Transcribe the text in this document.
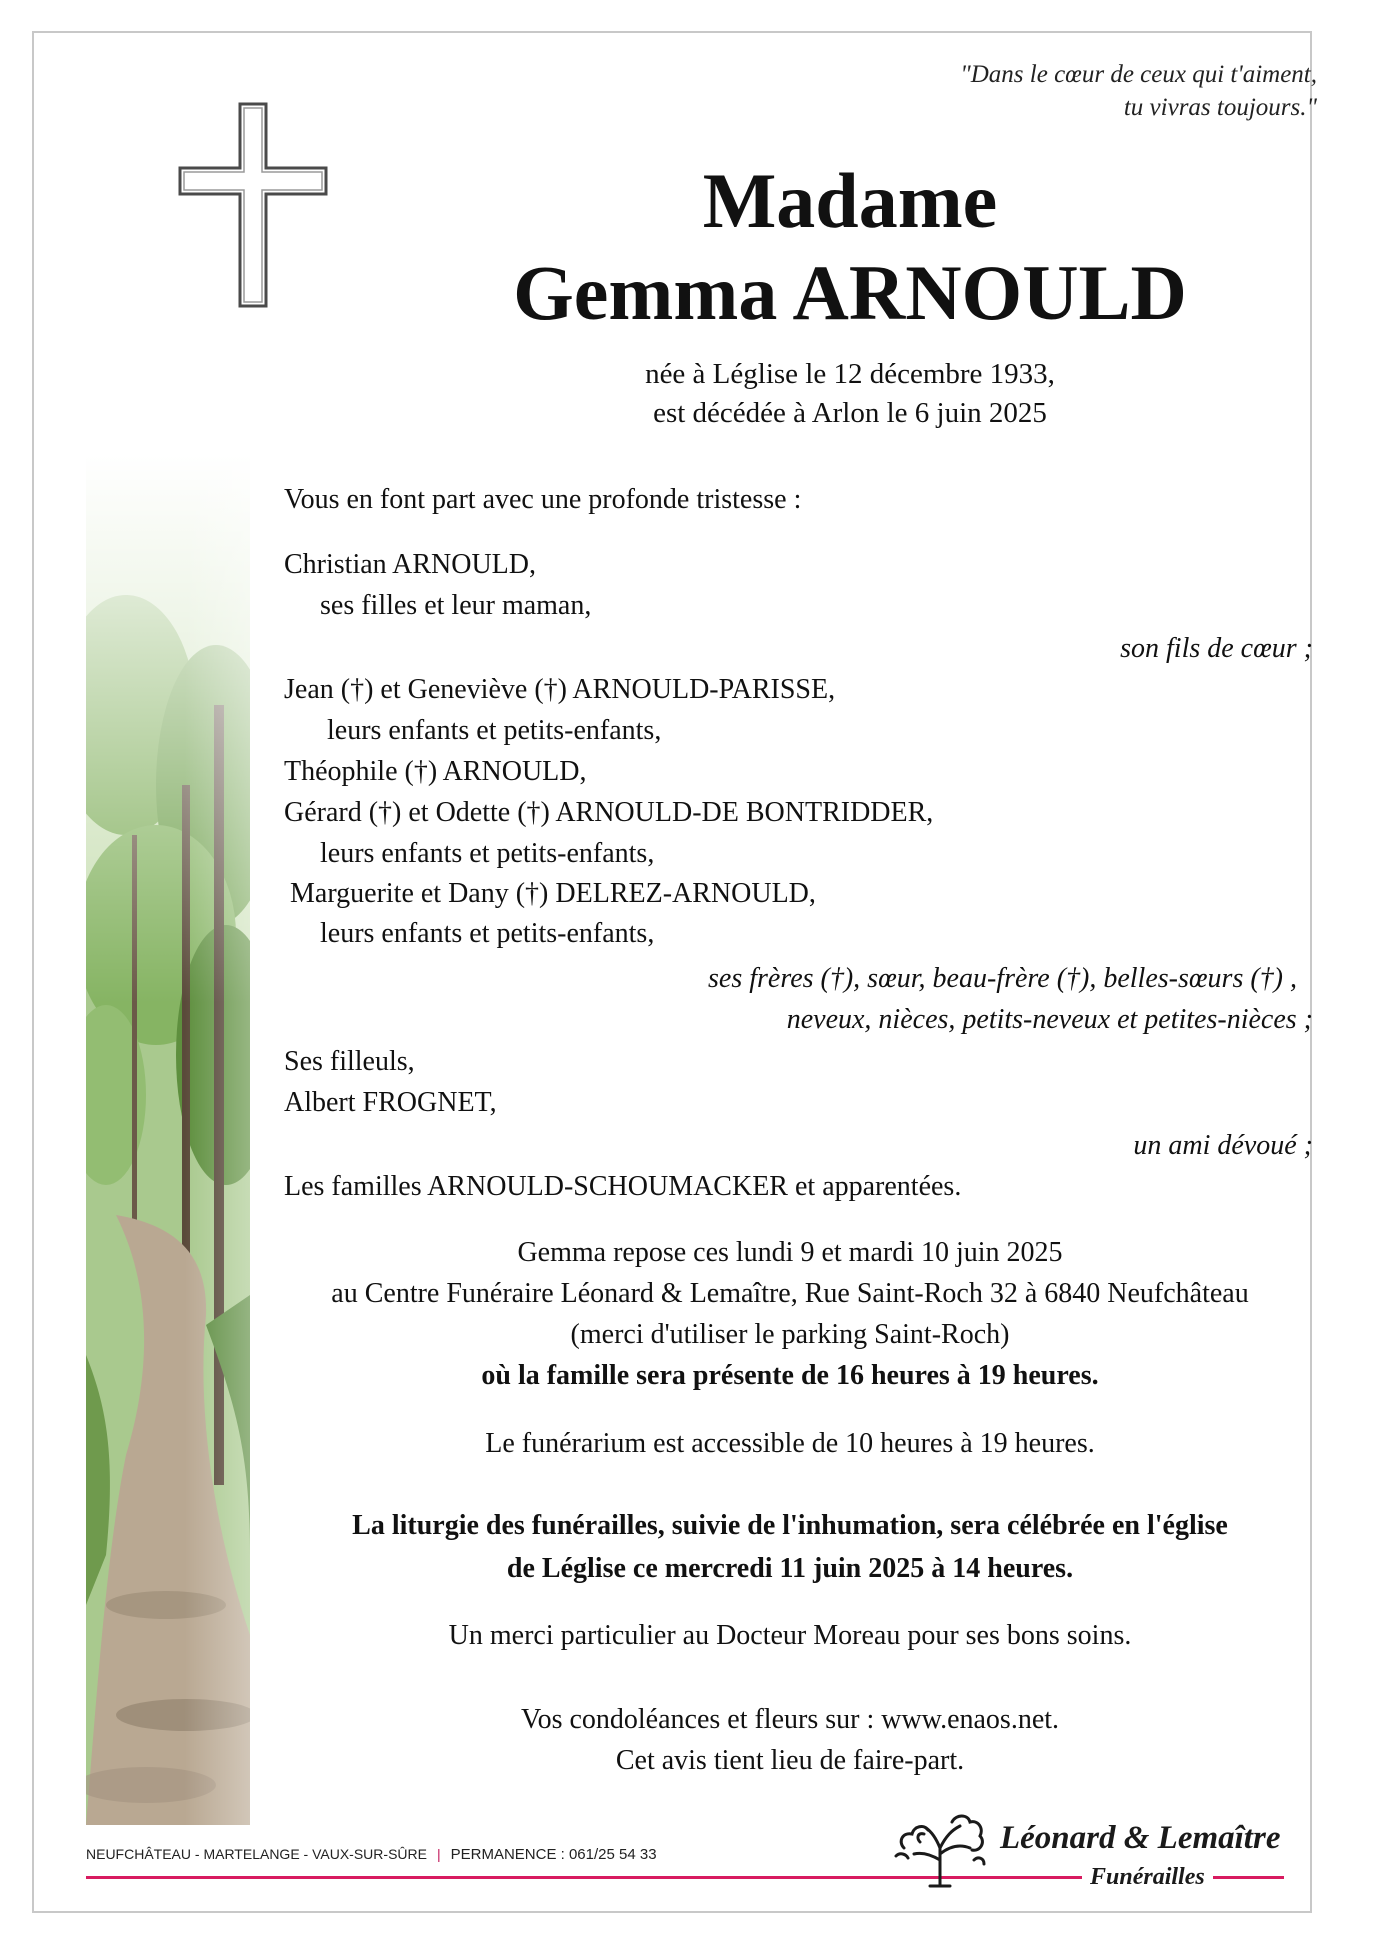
"Dans le cœur de ceux qui t'aiment,
tu vivras toujours."
Madame
Gemma ARNOULD
née à Léglise le 12 décembre 1933,
est décédée à Arlon le 6 juin 2025
Vous en font part avec une profonde tristesse :
Christian ARNOULD,
ses filles et leur maman,
son fils de cœur ;
Jean (†) et Geneviève (†) ARNOULD-PARISSE,
leurs enfants et petits-enfants,
Théophile (†) ARNOULD,
Gérard (†) et Odette (†) ARNOULD-DE BONTRIDDER,
leurs enfants et petits-enfants,
Marguerite et Dany (†) DELREZ-ARNOULD,
leurs enfants et petits-enfants,
ses frères (†), sœur, beau-frère (†), belles-sœurs (†) ,
neveux, nièces, petits-neveux et petites-nièces ;
Ses filleuls,
Albert FROGNET,
un ami dévoué ;
Les familles ARNOULD-SCHOUMACKER et apparentées.
Gemma repose ces lundi 9 et mardi 10 juin 2025
au Centre Funéraire Léonard & Lemaître, Rue Saint-Roch 32 à 6840 Neufchâteau
(merci d'utiliser le parking Saint-Roch)
où la famille sera présente de 16 heures à 19 heures.
Le funérarium est accessible de 10 heures à 19 heures.
La liturgie des funérailles, suivie de l'inhumation, sera célébrée en l'église
de Léglise ce mercredi 11 juin 2025 à 14 heures.
Un merci particulier au Docteur Moreau pour ses bons soins.
Vos condoléances et fleurs sur : www.enaos.net.
Cet avis tient lieu de faire-part.
NEUFCHÂTEAU - MARTELANGE - VAUX-SUR-SÛRE | PERMANENCE : 061/25 54 33	Léonard & Lemaître
Funérailles
